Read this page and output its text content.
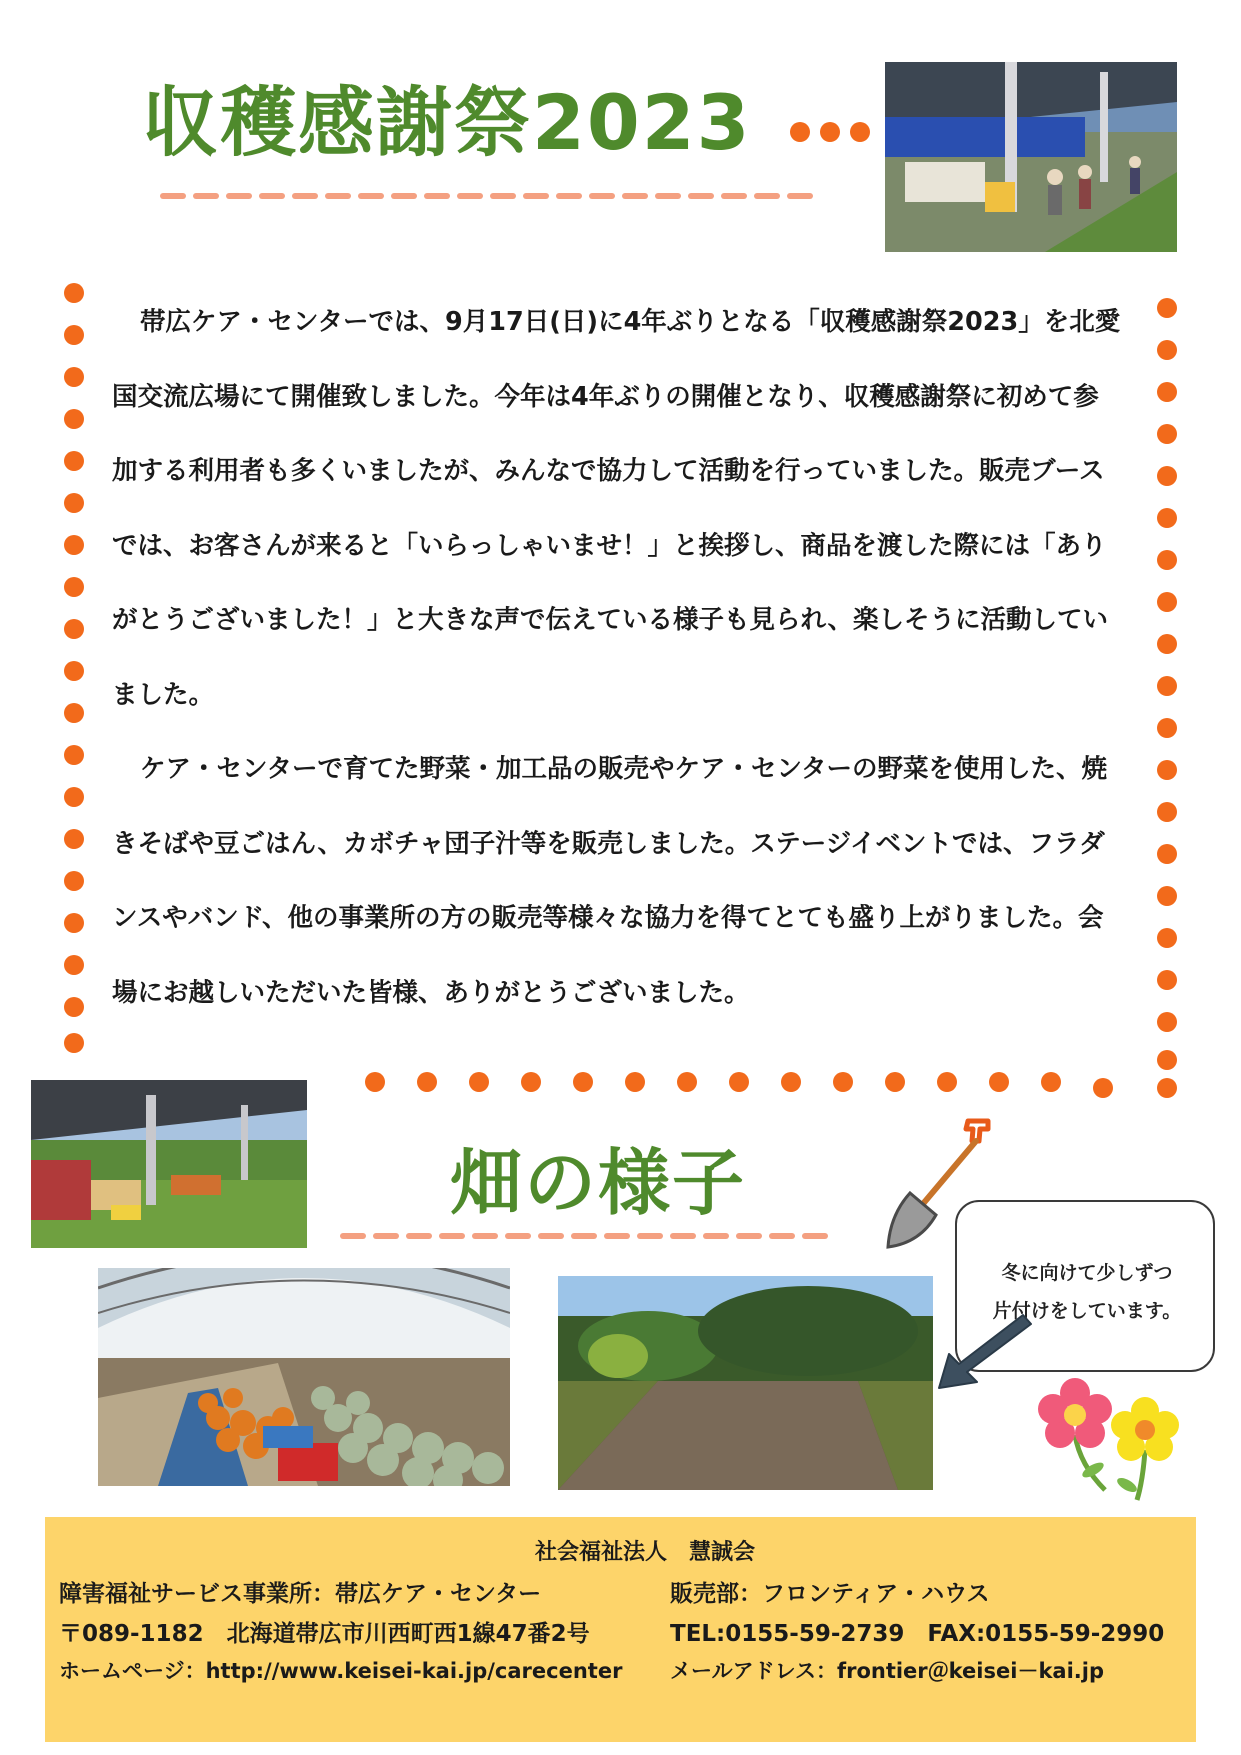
収穫感謝祭2023

帯広ケア・センターでは、9月17日(日)に4年ぶりとなる「収穫感謝祭2023」を北愛国交流広場にて開催致しました。今年は4年ぶりの開催となり、収穫感謝祭に初めて参加する利用者も多くいましたが、みんなで協力して活動を行っていました。販売ブースでは、お客さんが来ると「いらっしゃいませ！」と挨拶し、商品を渡した際には「ありがとうございました！」と大きな声で伝えている様子も見られ、楽しそうに活動していました。

ケア・センターで育てた野菜・加工品の販売やケア・センターの野菜を使用した、焼きそばや豆ごはん、カボチャ団子汁等を販売しました。ステージイベントでは、フラダンスやバンド、他の事業所の方の販売等様々な協力を得てとても盛り上がりました。会場にお越しいただいた皆様、ありがとうございました。

畑の様子
冬に向けて少しずつ
片付けをしています。
社会福祉法人　慧誠会
障害福祉サービス事業所：帯広ケア・センター	販売部：フロンティア・ハウス
〒089-1182　北海道帯広市川西町西1線47番2号	TEL:0155-59-2739　FAX:0155-59-2990
ホームページ：http://www.keisei-kai.jp/carecenter メールアドレス：frontier＠keisei－kai.jp
